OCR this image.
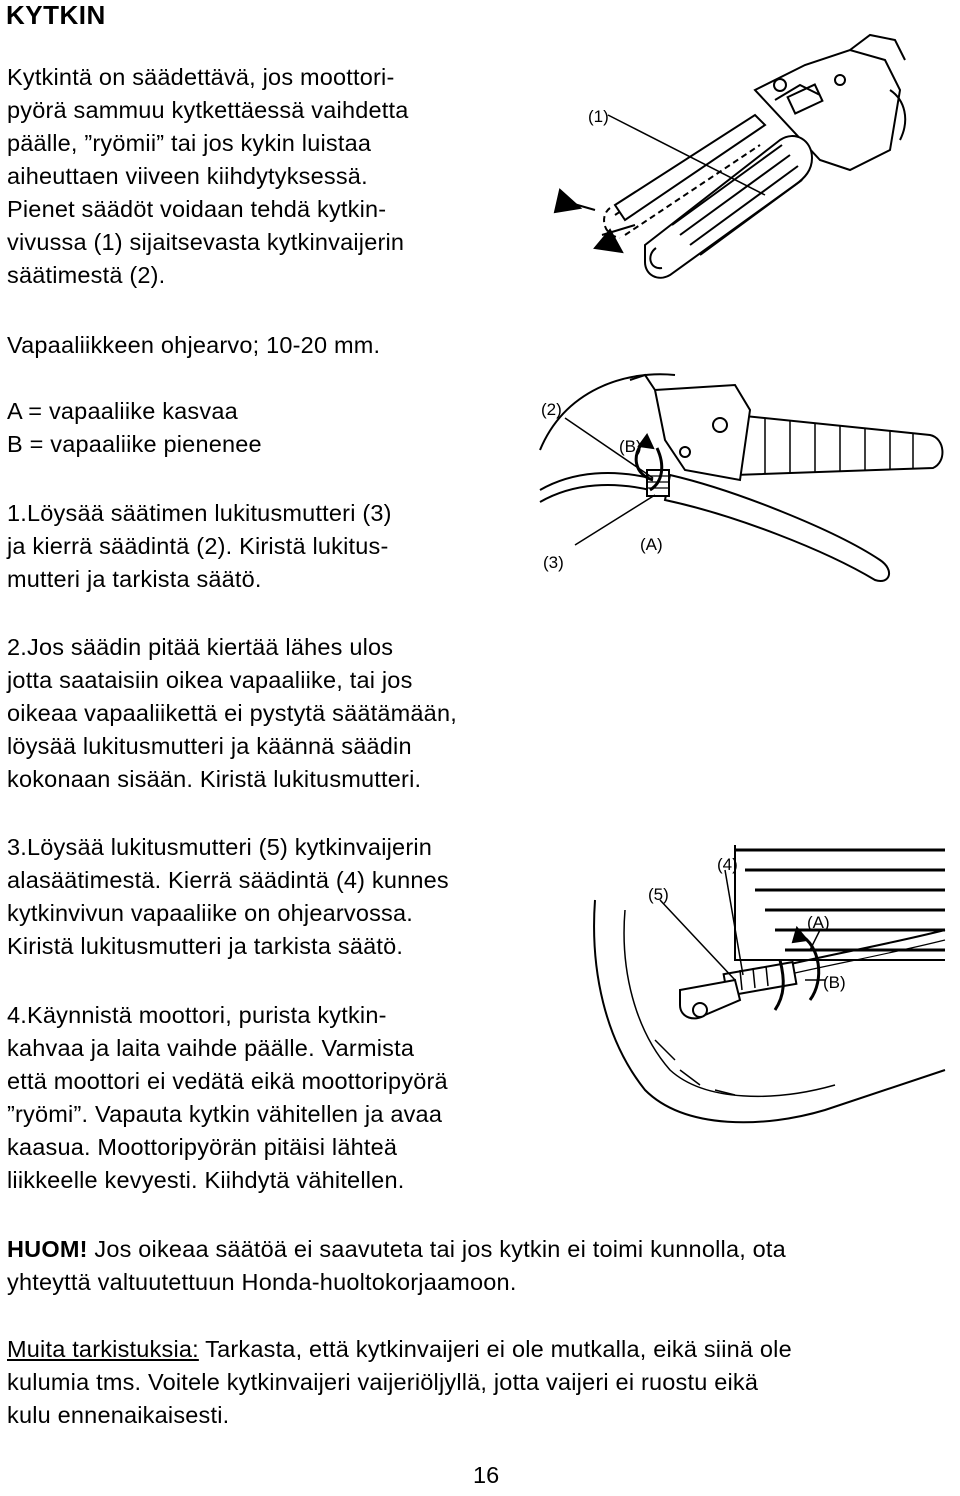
KYTKIN
Kytkintä on säädettävä, jos moottori-
pyörä sammuu kytkettäessä vaihdetta
päälle, ”ryömii” tai jos kykin luistaa
aiheuttaen viiveen kiihdytyksessä.
Pienet säädöt voidaan tehdä kytkin-
vivussa (1) sijaitsevasta kytkinvaijerin
säätimestä (2).
Vapaaliikkeen ohjearvo; 10-20 mm.
A = vapaaliike kasvaa
B = vapaaliike pienenee
1.Löysää säätimen lukitusmutteri (3)
ja kierrä säädintä (2). Kiristä lukitus-
mutteri ja tarkista säätö.
2.Jos säädin pitää kiertää lähes ulos
jotta saataisiin oikea vapaaliike, tai jos
oikeaa vapaaliikettä ei pystytä säätämään,
löysää lukitusmutteri ja käännä säädin
kokonaan sisään. Kiristä lukitusmutteri.
3.Löysää lukitusmutteri (5) kytkinvaijerin
alasäätimestä. Kierrä säädintä (4) kunnes
kytkinvivun vapaaliike on ohjearvossa.
Kiristä lukitusmutteri ja tarkista säätö.
4.Käynnistä moottori, purista kytkin-
kahvaa ja laita vaihde päälle. Varmista
että moottori ei vedätä eikä moottoripyörä
”ryömi”. Vapauta kytkin vähitellen ja avaa
kaasua. Moottoripyörän pitäisi lähteä
liikkeelle kevyesti. Kiihdytä vähitellen.
HUOM! Jos oikeaa säätöä ei saavuteta tai jos kytkin ei toimi kunnolla, ota
yhteyttä valtuutettuun Honda-huoltokorjaamoon.
Muita tarkistuksia: Tarkasta, että kytkinvaijeri ei ole mutkalla, eikä siinä ole
kulumia tms. Voitele kytkinvaijeri vaijeriöljyllä, jotta vaijeri ei ruostu eikä
kulu ennenaikaisesti.
16
(1)
(2)
(B)
(A)
(3)
(4)
(5)
(A)
(B)
